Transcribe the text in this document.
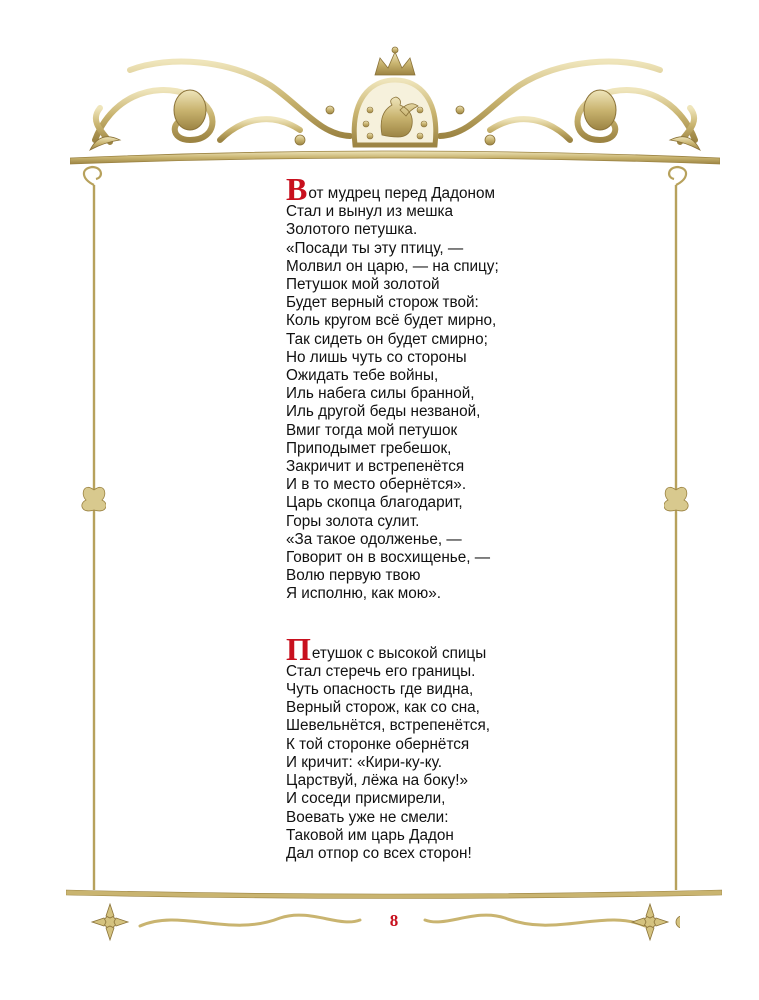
Вот мудрец перед Дадоном
Стал и вынул из мешка
Золотого петушка.
«Посади ты эту птицу, —
Молвил он царю, — на спицу;
Петушок мой золотой
Будет верный сторож твой:
Коль кругом всё будет мирно,
Так сидеть он будет смирно;
Но лишь чуть со стороны
Ожидать тебе войны,
Иль набега силы бранной,
Иль другой беды незваной,
Вмиг тогда мой петушок
Приподымет гребешок,
Закричит и встрепенётся
И в то место обернётся».
Царь скопца благодарит,
Горы золота сулит.
«За такое одолженье, —
Говорит он в восхищенье, —
Волю первую твою
Я исполню, как мою».
Петушок с высокой спицы
Стал стеречь его границы.
Чуть опасность где видна,
Верный сторож, как со сна,
Шевельнётся, встрепенётся,
К той сторонке обернётся
И кричит: «Кири-ку-ку.
Царствуй, лёжа на боку!»
И соседи присмирели,
Воевать уже не смели:
Таковой им царь Дадон
Дал отпор со всех сторон!
8
